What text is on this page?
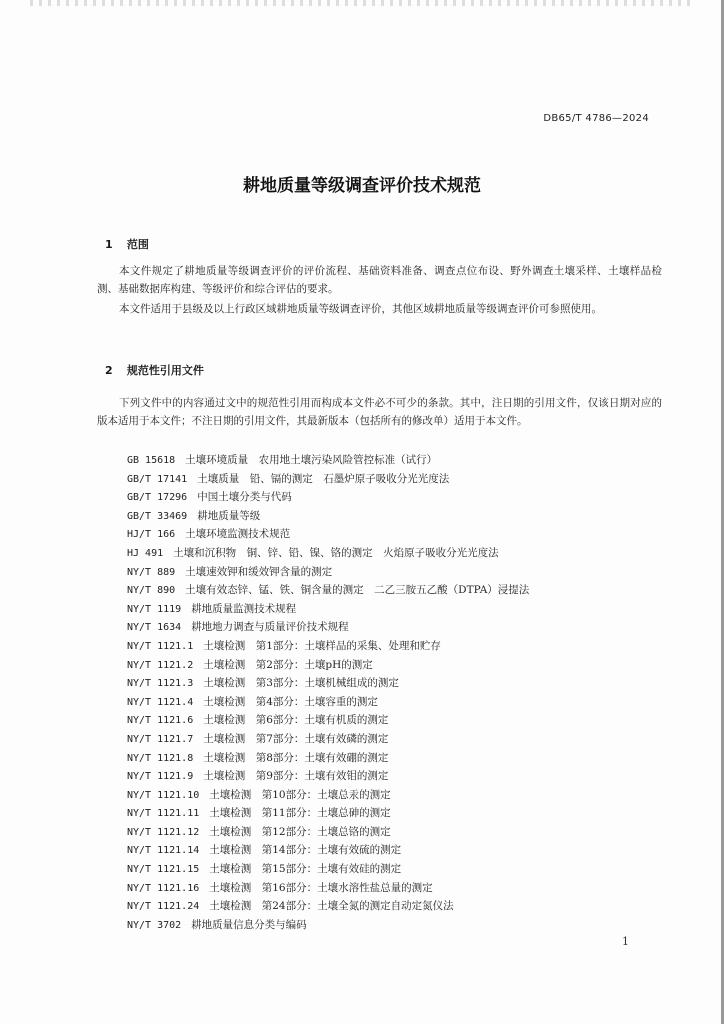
DB65/T 4786—2024
耕地质量等级调查评价技术规范
1 范围

本文件规定了耕地质量等级调查评价的评价流程、基础资料准备、调查点位布设、野外调查土壤采样、土壤样品检测、基础数据库构建、等级评价和综合评估的要求。

本文件适用于县级及以上行政区域耕地质量等级调查评价，其他区域耕地质量等级调查评价可参照使用。

2 规范性引用文件

下列文件中的内容通过文中的规范性引用而构成本文件必不可少的条款。其中，注日期的引用文件，仅该日期对应的版本适用于本文件；不注日期的引用文件，其最新版本（包括所有的修改单）适用于本文件。

GB 15618 土壤环境质量　农用地土壤污染风险管控标准（试行）
GB/T 17141 土壤质量　铅、镉的测定　石墨炉原子吸收分光光度法
GB/T 17296 中国土壤分类与代码
GB/T 33469 耕地质量等级
HJ/T 166 土壤环境监测技术规范
HJ 491 土壤和沉积物　铜、锌、铅、镍、铬的测定　火焰原子吸收分光光度法
NY/T 889 土壤速效钾和缓效钾含量的测定
NY/T 890 土壤有效态锌、锰、铁、铜含量的测定　二乙三胺五乙酸（DTPA）浸提法
NY/T 1119 耕地质量监测技术规程
NY/T 1634 耕地地力调查与质量评价技术规程
NY/T 1121.1 土壤检测　第1部分：土壤样品的采集、处理和贮存
NY/T 1121.2 土壤检测　第2部分：土壤pH的测定
NY/T 1121.3 土壤检测　第3部分：土壤机械组成的测定
NY/T 1121.4 土壤检测　第4部分：土壤容重的测定
NY/T 1121.6 土壤检测　第6部分：土壤有机质的测定
NY/T 1121.7 土壤检测　第7部分：土壤有效磷的测定
NY/T 1121.8 土壤检测　第8部分：土壤有效硼的测定
NY/T 1121.9 土壤检测　第9部分：土壤有效钼的测定
NY/T 1121.10 土壤检测　第10部分：土壤总汞的测定
NY/T 1121.11 土壤检测　第11部分：土壤总砷的测定
NY/T 1121.12 土壤检测　第12部分：土壤总铬的测定
NY/T 1121.14 土壤检测　第14部分：土壤有效硫的测定
NY/T 1121.15 土壤检测　第15部分：土壤有效硅的测定
NY/T 1121.16 土壤检测　第16部分：土壤水溶性盐总量的测定
NY/T 1121.24 土壤检测　第24部分：土壤全氮的测定自动定氮仪法
NY/T 3702 耕地质量信息分类与编码
1
